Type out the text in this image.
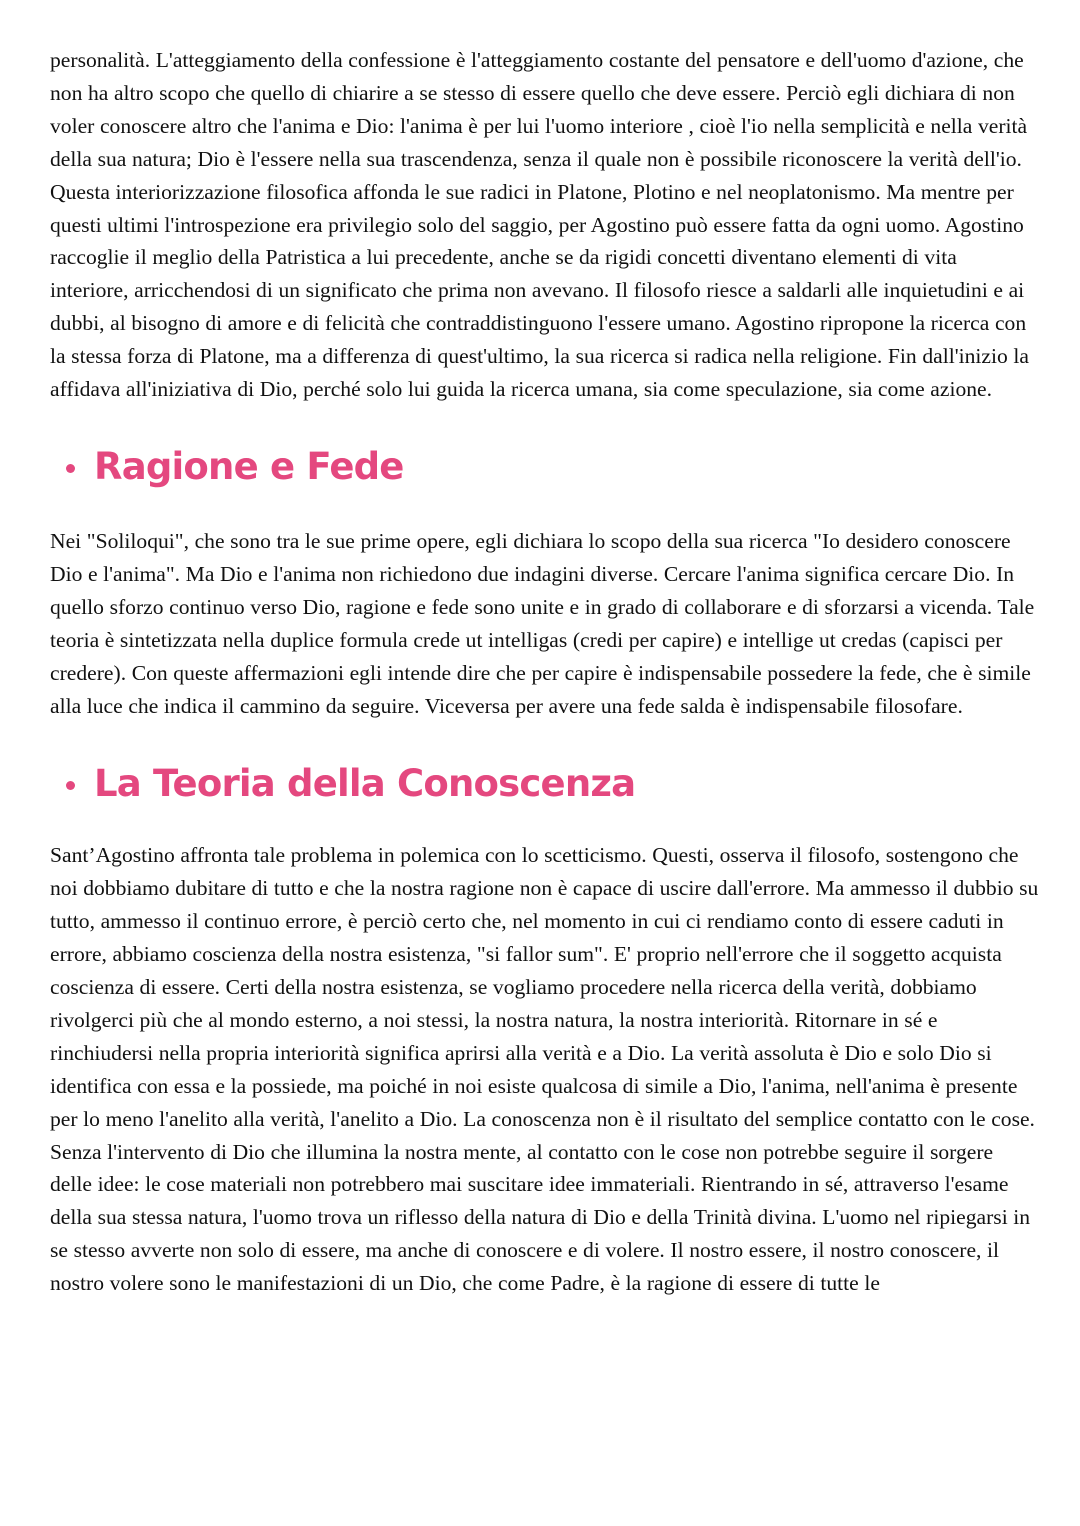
personalità. L'atteggiamento della confessione è l'atteggiamento costante del pensatore e dell'uomo d'azione, che non ha altro scopo che quello di chiarire a se stesso di essere quello che deve essere. Perciò egli dichiara di non voler conoscere altro che l'anima e Dio: l'anima è per lui l'uomo interiore , cioè l'io nella semplicità e nella verità della sua natura; Dio è l'essere nella sua trascendenza, senza il quale non è possibile riconoscere la verità dell'io. Questa interiorizzazione filosofica affonda le sue radici in Platone, Plotino e nel neoplatonismo. Ma mentre per questi ultimi l'introspezione era privilegio solo del saggio, per Agostino può essere fatta da ogni uomo. Agostino raccoglie il meglio della Patristica a lui precedente, anche se da rigidi concetti diventano elementi di vita interiore, arricchendosi di un significato che prima non avevano. Il filosofo riesce a saldarli alle inquietudini e ai dubbi, al bisogno di amore e di felicità che contraddistinguono l'essere umano. Agostino ripropone la ricerca con la stessa forza di Platone, ma a differenza di quest'ultimo, la sua ricerca si radica nella religione. Fin dall'inizio la affidava all'iniziativa di Dio, perché solo lui guida la ricerca umana, sia come speculazione, sia come azione.

Ragione e Fede

Nei "Soliloqui", che sono tra le sue prime opere, egli dichiara lo scopo della sua ricerca "Io desidero conoscere Dio e l'anima". Ma Dio e l'anima non richiedono due indagini diverse. Cercare l'anima significa cercare Dio. In quello sforzo continuo verso Dio, ragione e fede sono unite e in grado di collaborare e di sforzarsi a vicenda. Tale teoria è sintetizzata nella duplice formula crede ut intelligas (credi per capire) e intellige ut credas (capisci per credere). Con queste affermazioni egli intende dire che per capire è indispensabile possedere la fede, che è simile alla luce che indica il cammino da seguire. Viceversa per avere una fede salda è indispensabile filosofare.

La Teoria della Conoscenza

Sant’Agostino affronta tale problema in polemica con lo scetticismo. Questi, osserva il filosofo, sostengono che noi dobbiamo dubitare di tutto e che la nostra ragione non è capace di uscire dall'errore. Ma ammesso il dubbio su tutto, ammesso il continuo errore, è perciò certo che, nel momento in cui ci rendiamo conto di essere caduti in errore, abbiamo coscienza della nostra esistenza, "si fallor sum". E' proprio nell'errore che il soggetto acquista coscienza di essere. Certi della nostra esistenza, se vogliamo procedere nella ricerca della verità, dobbiamo rivolgerci più che al mondo esterno, a noi stessi, la nostra natura, la nostra interiorità. Ritornare in sé e rinchiudersi nella propria interiorità significa aprirsi alla verità e a Dio. La verità assoluta è Dio e solo Dio si identifica con essa e la possiede, ma poiché in noi esiste qualcosa di simile a Dio, l'anima, nell'anima è presente per lo meno l'anelito alla verità, l'anelito a Dio. La conoscenza non è il risultato del semplice contatto con le cose. Senza l'intervento di Dio che illumina la nostra mente, al contatto con le cose non potrebbe seguire il sorgere delle idee: le cose materiali non potrebbero mai suscitare idee immateriali. Rientrando in sé, attraverso l'esame della sua stessa natura, l'uomo trova un riflesso della natura di Dio e della Trinità divina. L'uomo nel ripiegarsi in se stesso avverte non solo di essere, ma anche di conoscere e di volere. Il nostro essere, il nostro conoscere, il nostro volere sono le manifestazioni di un Dio, che come Padre, è la ragione di essere di tutte le
